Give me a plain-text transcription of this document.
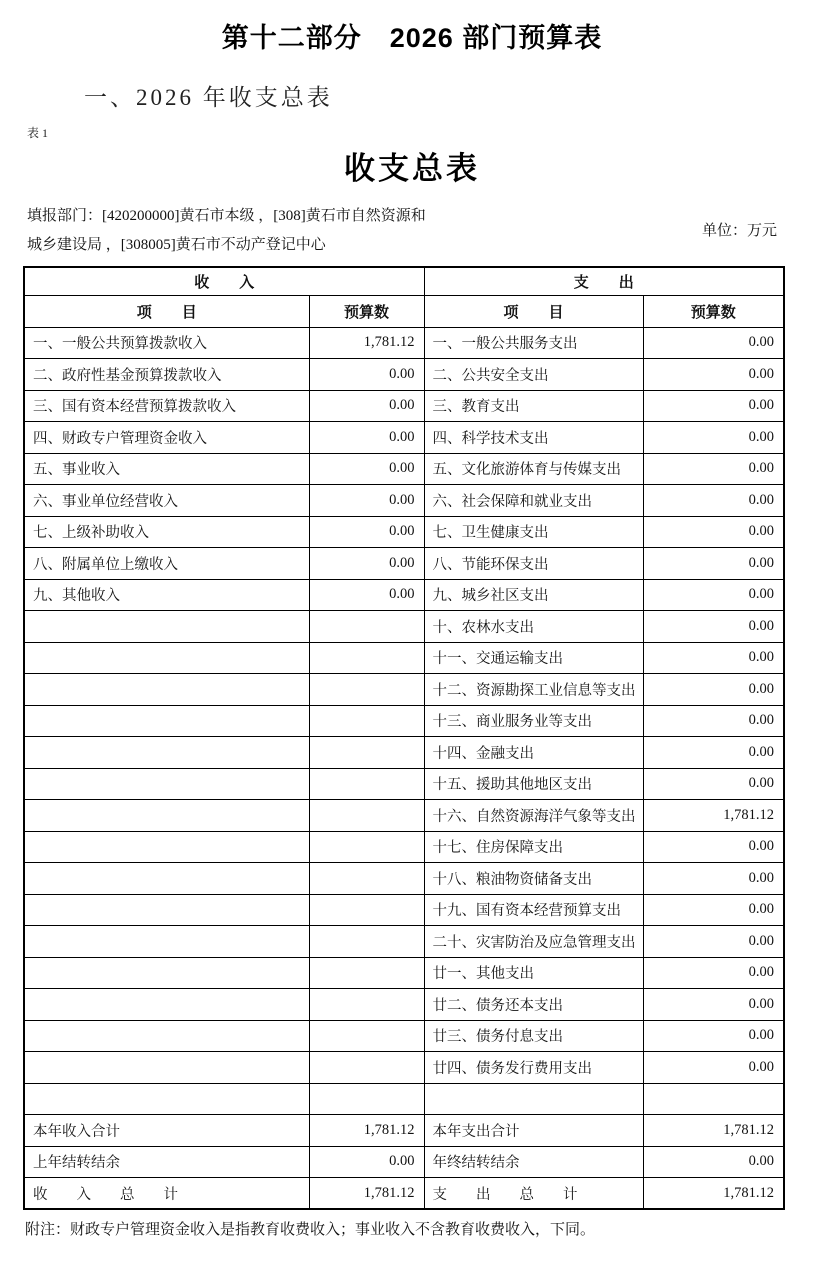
第十二部分　2026 部门预算表
一、2026 年收支总表
表 1
收支总表
填报部门：[420200000]黄石市本级 ，[308]黄石市自然资源和
城乡建设局 ，[308005]黄石市不动产登记中心
单位：万元
收　　入		支　　出	
项　　目	预算数	项　　目	预算数
一、一般公共预算拨款收入	1,781.12	一、一般公共服务支出	0.00
二、政府性基金预算拨款收入	0.00	二、公共安全支出	0.00
三、国有资本经营预算拨款收入	0.00	三、教育支出	0.00
四、财政专户管理资金收入	0.00	四、科学技术支出	0.00
五、事业收入	0.00	五、文化旅游体育与传媒支出	0.00
六、事业单位经营收入	0.00	六、社会保障和就业支出	0.00
七、上级补助收入	0.00	七、卫生健康支出	0.00
八、附属单位上缴收入	0.00	八、节能环保支出	0.00
九、其他收入	0.00	九、城乡社区支出	0.00
		十、农林水支出	0.00
		十一、交通运输支出	0.00
		十二、资源勘探工业信息等支出	0.00
		十三、商业服务业等支出	0.00
		十四、金融支出	0.00
		十五、援助其他地区支出	0.00
		十六、自然资源海洋气象等支出	1,781.12
		十七、住房保障支出	0.00
		十八、粮油物资储备支出	0.00
		十九、国有资本经营预算支出	0.00
		二十、灾害防治及应急管理支出	0.00
		廿一、其他支出	0.00
		廿二、债务还本支出	0.00
		廿三、债务付息支出	0.00
		廿四、债务发行费用支出	0.00

本年收入合计	1,781.12	本年支出合计	1,781.12
上年结转结余	0.00	年终结转结余	0.00
收　　入　　总　　计	1,781.12	支　　出　　总　　计	1,781.12
附注：财政专户管理资金收入是指教育收费收入；事业收入不含教育收费收入，下同。
